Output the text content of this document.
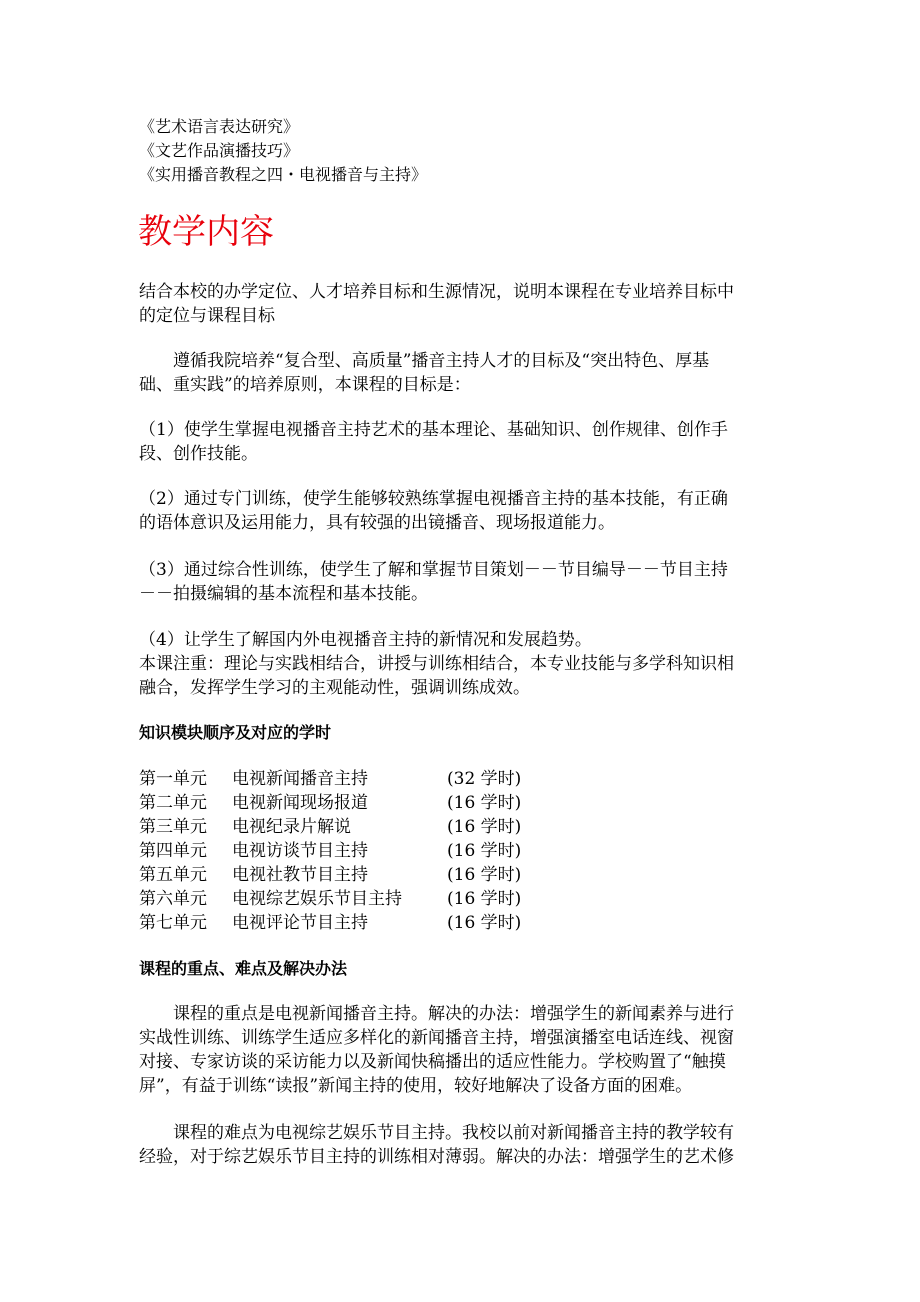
《艺术语言表达研究》
《文艺作品演播技巧》
《实用播音教程之四・电视播音与主持》
教学内容
结合本校的办学定位、人才培养目标和生源情况，说明本课程在专业培养目标中
的定位与课程目标
　　遵循我院培养“复合型、高质量”播音主持人才的目标及“突出特色、厚基
础、重实践”的培养原则，本课程的目标是：
（1）使学生掌握电视播音主持艺术的基本理论、基础知识、创作规律、创作手
段、创作技能。
（2）通过专门训练，使学生能够较熟练掌握电视播音主持的基本技能，有正确
的语体意识及运用能力，具有较强的出镜播音、现场报道能力。
（3）通过综合性训练，使学生了解和掌握节目策划－－节目编导－－节目主持
－－拍摄编辑的基本流程和基本技能。
（4）让学生了解国内外电视播音主持的新情况和发展趋势。
本课注重：理论与实践相结合，讲授与训练相结合，本专业技能与多学科知识相
融合，发挥学生学习的主观能动性，强调训练成效。
知识模块顺序及对应的学时
第一单元 电视新闻播音主持	(32 学时)
第二单元 电视新闻现场报道	(16 学时)
第三单元 电视纪录片解说	(16 学时)
第四单元 电视访谈节目主持	(16 学时)
第五单元 电视社教节目主持	(16 学时)
第六单元 电视综艺娱乐节目主持	(16 学时)
第七单元 电视评论节目主持	(16 学时)
课程的重点、难点及解决办法
　　课程的重点是电视新闻播音主持。解决的办法：增强学生的新闻素养与进行
实战性训练、训练学生适应多样化的新闻播音主持，增强演播室电话连线、视窗
对接、专家访谈的采访能力以及新闻快稿播出的适应性能力。学校购置了“触摸
屏”，有益于训练“读报”新闻主持的使用，较好地解决了设备方面的困难。
　　课程的难点为电视综艺娱乐节目主持。我校以前对新闻播音主持的教学较有
经验，对于综艺娱乐节目主持的训练相对薄弱。解决的办法：增强学生的艺术修
